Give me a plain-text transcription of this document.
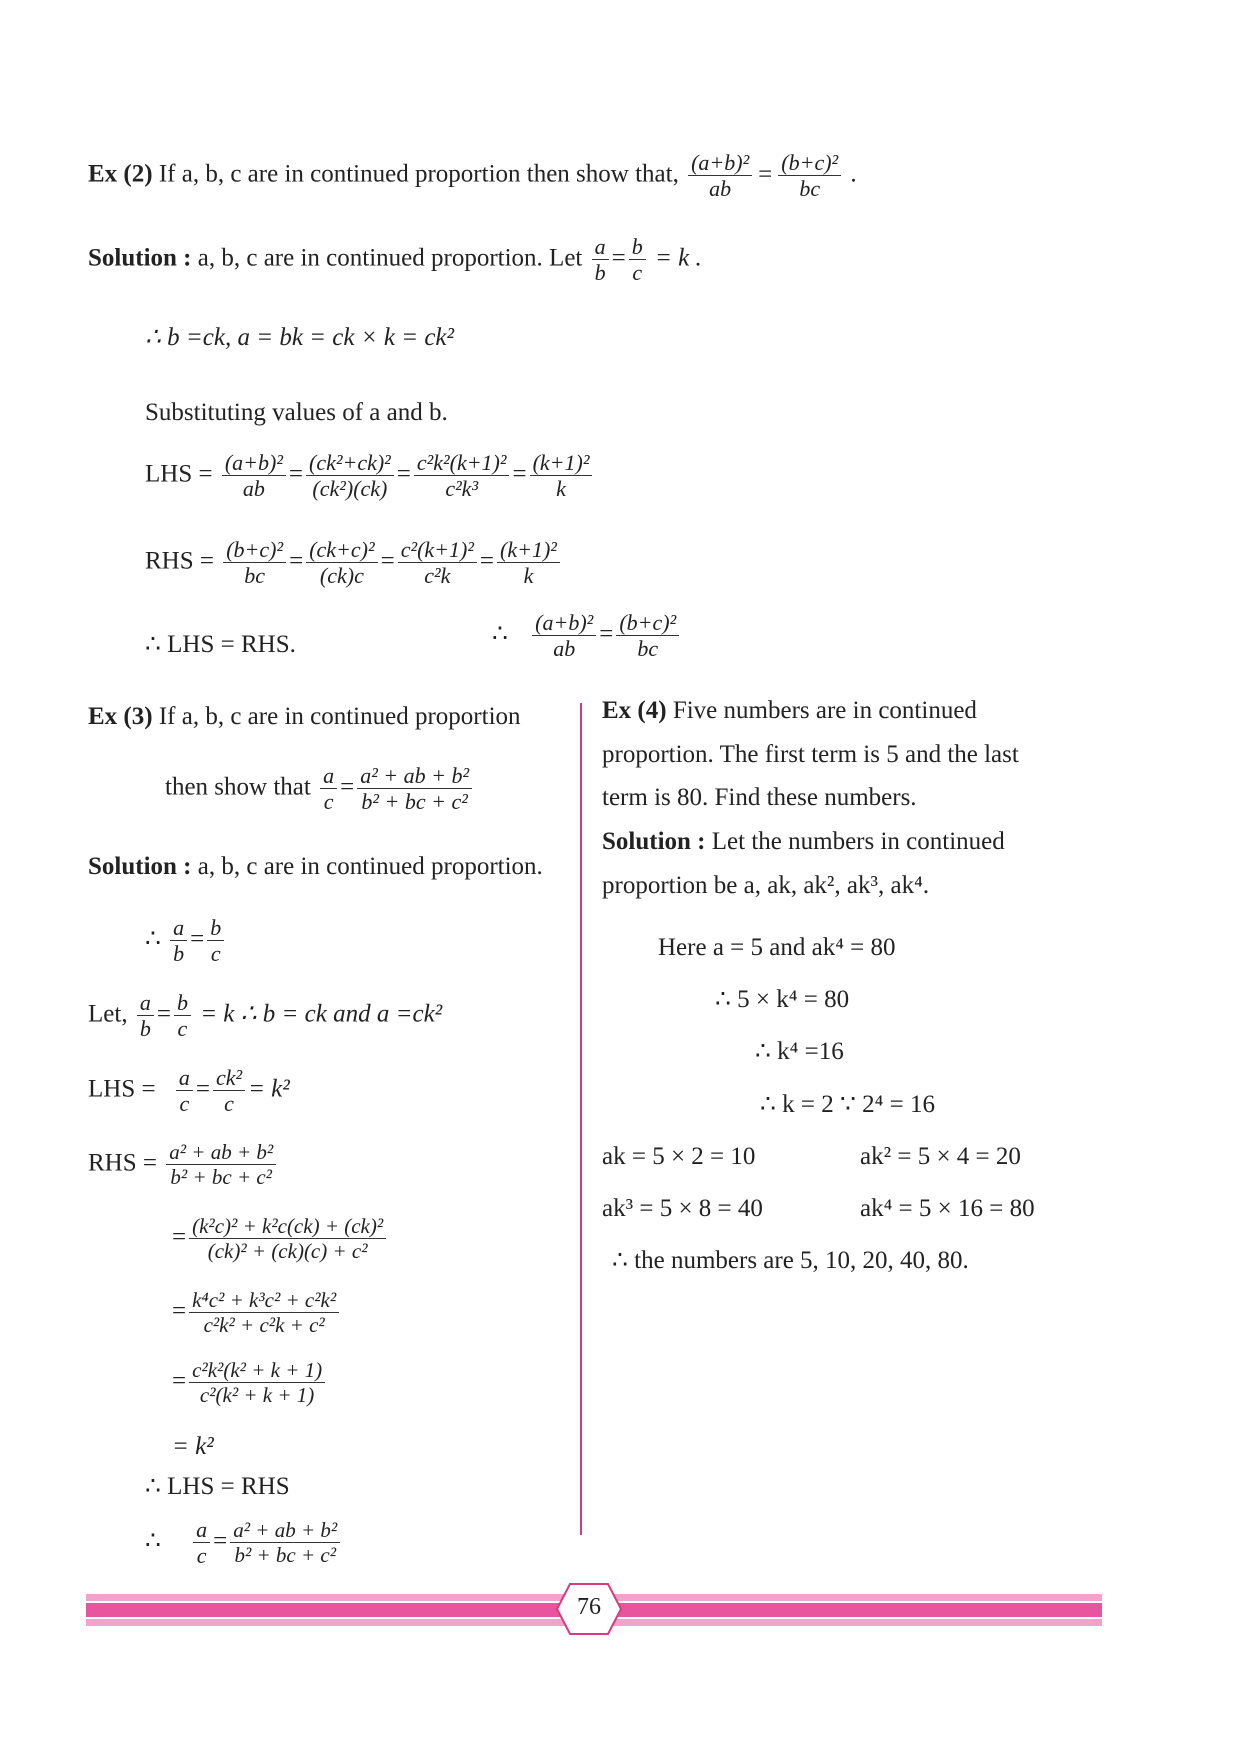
Ex (2) If a, b, c are in continued proportion then show that, $\frac{\text{(a+b)²}}{ab} = \frac{\text{(b+c)²}}{bc}$ .
Solution : a, b, c are in continued proportion. Let $\frac{a}{b} = \frac{b}{c} = k$ .
∴ b =ck, a = bk = ck × k = ck²
Substituting values of a and b.
LHS = $\frac{\text{(a+b)²}}{ab} = \frac{\text{(ck²+ck)²}}{\text{(ck²)(ck)}} = \frac{\text{c²k²(k+1)²}}{\text{c²k³}} = \frac{\text{(k+1)²}}{k}$
RHS = $\frac{\text{(b+c)²}}{bc} = \frac{\text{(ck+c)²}}{(ck)c} = \frac{\text{c²(k+1)²}}{\text{c²k}} = \frac{\text{(k+1)²}}{k}$
∴ LHS = RHS.	∴ $\frac{\text{(a+b)²}}{ab} = \frac{\text{(b+c)²}}{bc}$
Ex (3) If a, b, c are in continued proportion
then show that $\frac{a}{c} = \frac{\text{a² + ab + b²}}{\text{b² + bc + c²}}$
Solution : a, b, c are in continued proportion.
∴ $\frac{a}{b} = \frac{b}{c}$
Let, $\frac{a}{b} = \frac{b}{c} = k$ ∴ b = ck and a =ck²
LHS = $\frac{a}{c} = \frac{\text{ck²}}{c} = k^2$
RHS = $\frac{\text{a² + ab + b²}}{\text{b² + bc + c²}}$
= $\frac{\text{(k²c)² + k²c(ck) + (ck)²}}{\text{(ck)² + (ck)(c) + c²}}$
= $\frac{\text{k⁴c² + k³c² + c²k²}}{\text{c²k² + c²k + c²}}$
= $\frac{\text{c²k²(k² + k + 1)}}{\text{c²(k² + k + 1)}}$
= k²
∴ LHS = RHS
∴ $\frac{a}{c} = \frac{\text{a² + ab + b²}}{\text{b² + bc + c²}}$
Ex (4) Five numbers are in continued
proportion. The first term is 5 and the last
term is 80. Find these numbers.
Solution : Let the numbers in continued
proportion be a, ak, ak², ak³, ak⁴.
Here a = 5 and ak⁴ = 80
∴ 5 × k⁴ = 80
∴ k⁴ =16
∴ k = 2 ∵ 2⁴ = 16
ak = 5 × 2 = 10	ak² = 5 × 4 = 20
ak³ = 5 × 8 = 40	ak⁴ = 5 × 16 = 80
∴ the numbers are 5, 10, 20, 40, 80.
76
